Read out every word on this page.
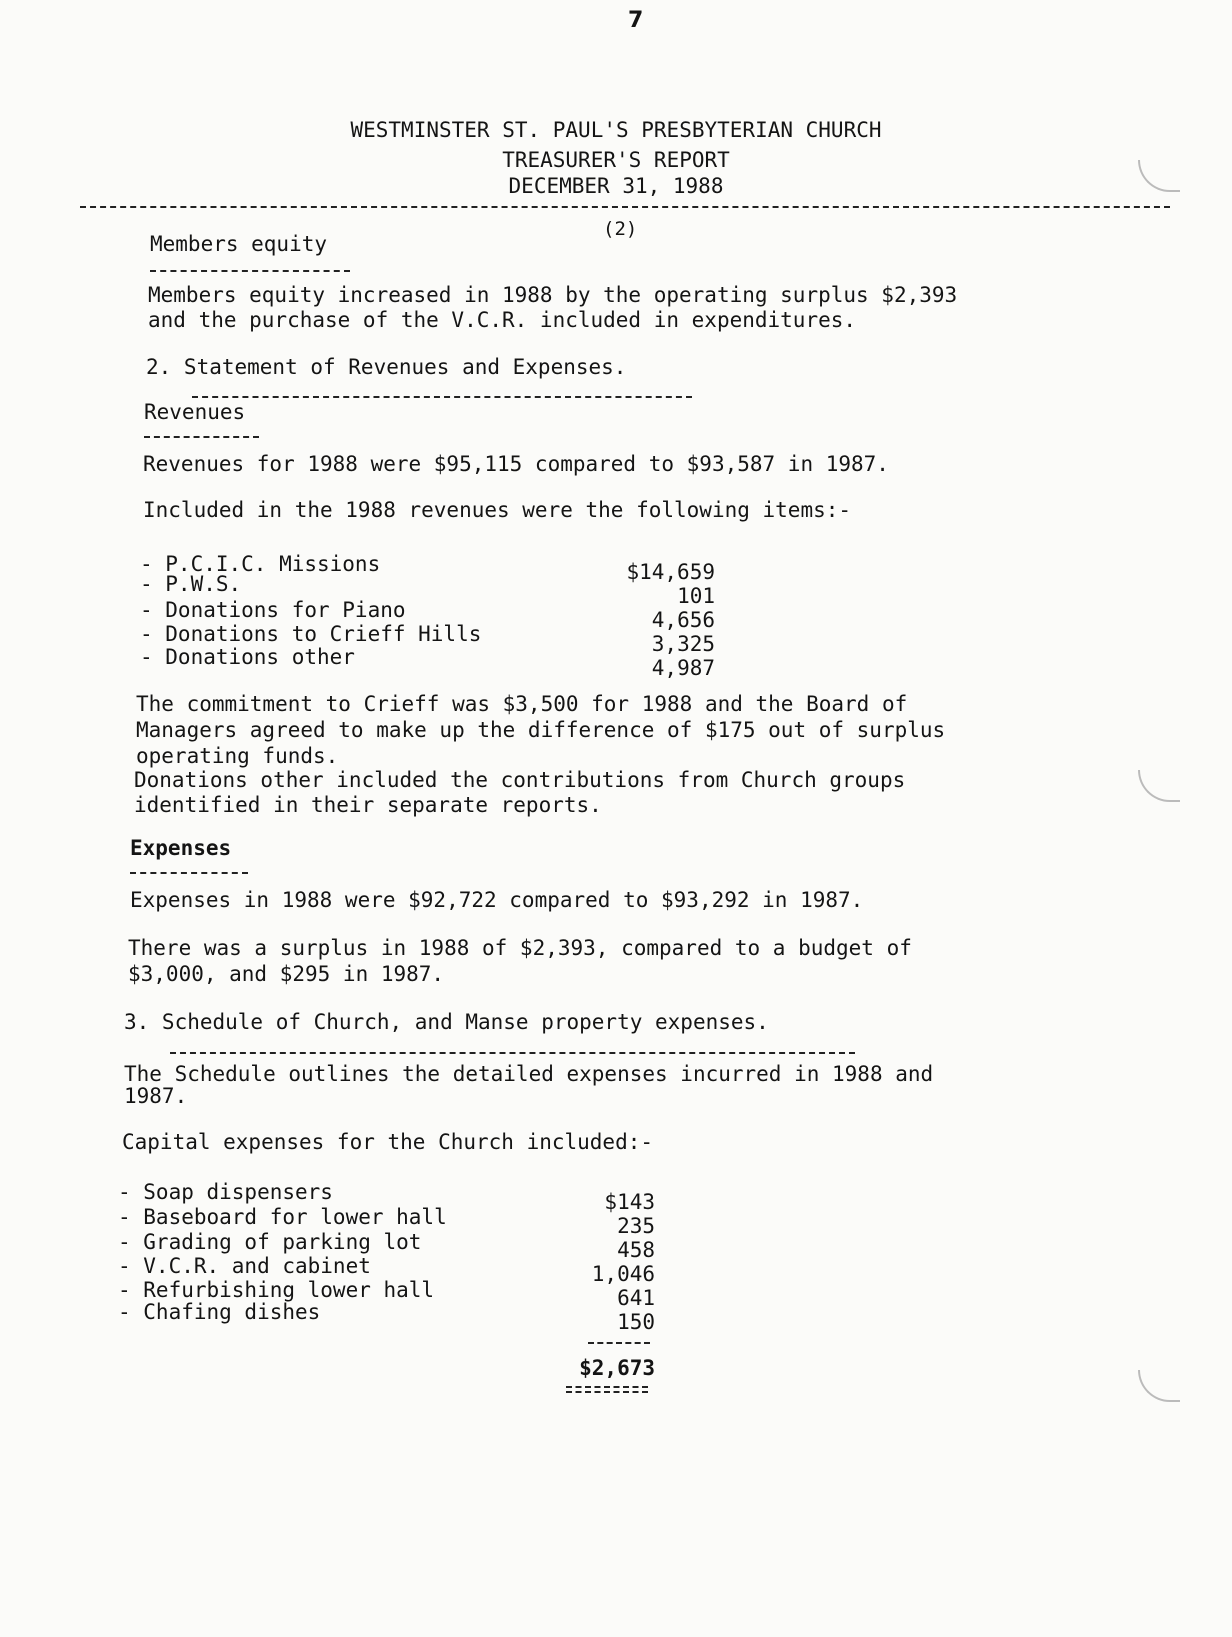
7
WESTMINSTER ST. PAUL'S PRESBYTERIAN CHURCH
TREASURER'S REPORT
DECEMBER 31, 1988
(2)
Members equity
Members equity increased in 1988 by the operating surplus $2,393
and the purchase of the V.C.R. included in expenditures.
2. Statement of Revenues and Expenses.
Revenues
Revenues for 1988 were $95,115 compared to $93,587 in 1987.
Included in the 1988 revenues were the following items:-
- P.C.I.C. Missions	$14,659
- P.W.S.	101
- Donations for Piano	4,656
- Donations to Crieff Hills	3,325
- Donations other	4,987
The commitment to Crieff was $3,500 for 1988 and the Board of
Managers agreed to make up the difference of $175 out of surplus
operating funds.
Donations other included the contributions from Church groups
identified in their separate reports.
Expenses
Expenses in 1988 were $92,722 compared to $93,292 in 1987.
There was a surplus in 1988 of $2,393, compared to a budget of
$3,000, and $295 in 1987.
3. Schedule of Church, and Manse property expenses.
The Schedule outlines the detailed expenses incurred in 1988 and
1987.
Capital expenses for the Church included:-
- Soap dispensers	$143
- Baseboard for lower hall	235
- Grading of parking lot	458
- V.C.R. and cabinet	1,046
- Refurbishing lower hall	641
- Chafing dishes	150
$2,673
